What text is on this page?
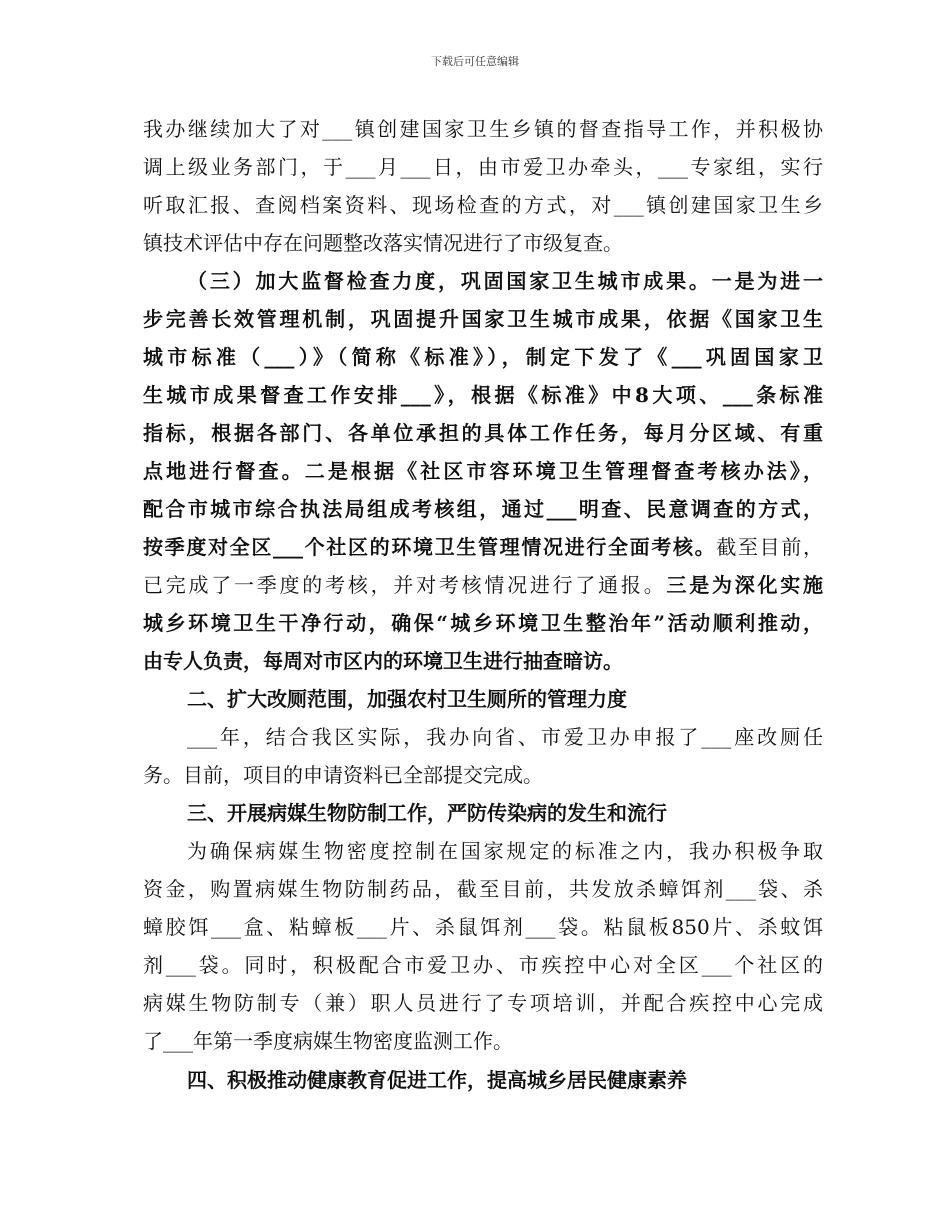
下载后可任意编辑
我办继续加大了对___镇创建国家卫生乡镇的督查指导工作，并积极协
调上级业务部门，于___月___日，由市爱卫办牵头，___专家组，实行
听取汇报、查阅档案资料、现场检查的方式，对___镇创建国家卫生乡
镇技术评估中存在问题整改落实情况进行了市级复查。
（三）加大监督检查力度，巩固国家卫生城市成果。一是为进一
步完善长效管理机制，巩固提升国家卫生城市成果，依据《国家卫生
城市标准（___）》（简称《标准》），制定下发了《___巩固国家卫
生城市成果督查工作安排___》，根据《标准》中8大项、___条标准
指标，根据各部门、各单位承担的具体工作任务，每月分区域、有重
点地进行督查。二是根据《社区市容环境卫生管理督查考核办法》，
配合市城市综合执法局组成考核组，通过___明查、民意调查的方式，
按季度对全区___个社区的环境卫生管理情况进行全面考核。截至目前，
已完成了一季度的考核，并对考核情况进行了通报。三是为深化实施
城乡环境卫生干净行动，确保“城乡环境卫生整治年”活动顺利推动，
由专人负责，每周对市区内的环境卫生进行抽查暗访。
二、扩大改厕范围，加强农村卫生厕所的管理力度
___年，结合我区实际，我办向省、市爱卫办申报了___座改厕任
务。目前，项目的申请资料已全部提交完成。
三、开展病媒生物防制工作，严防传染病的发生和流行
为确保病媒生物密度控制在国家规定的标准之内，我办积极争取
资金，购置病媒生物防制药品，截至目前，共发放杀蟑饵剂___袋、杀
蟑胶饵___盒、粘蟑板___片、杀鼠饵剂___袋。粘鼠板850片、杀蚊饵
剂___袋。同时，积极配合市爱卫办、市疾控中心对全区___个社区的
病媒生物防制专（兼）职人员进行了专项培训，并配合疾控中心完成
了___年第一季度病媒生物密度监测工作。
四、积极推动健康教育促进工作，提高城乡居民健康素养
